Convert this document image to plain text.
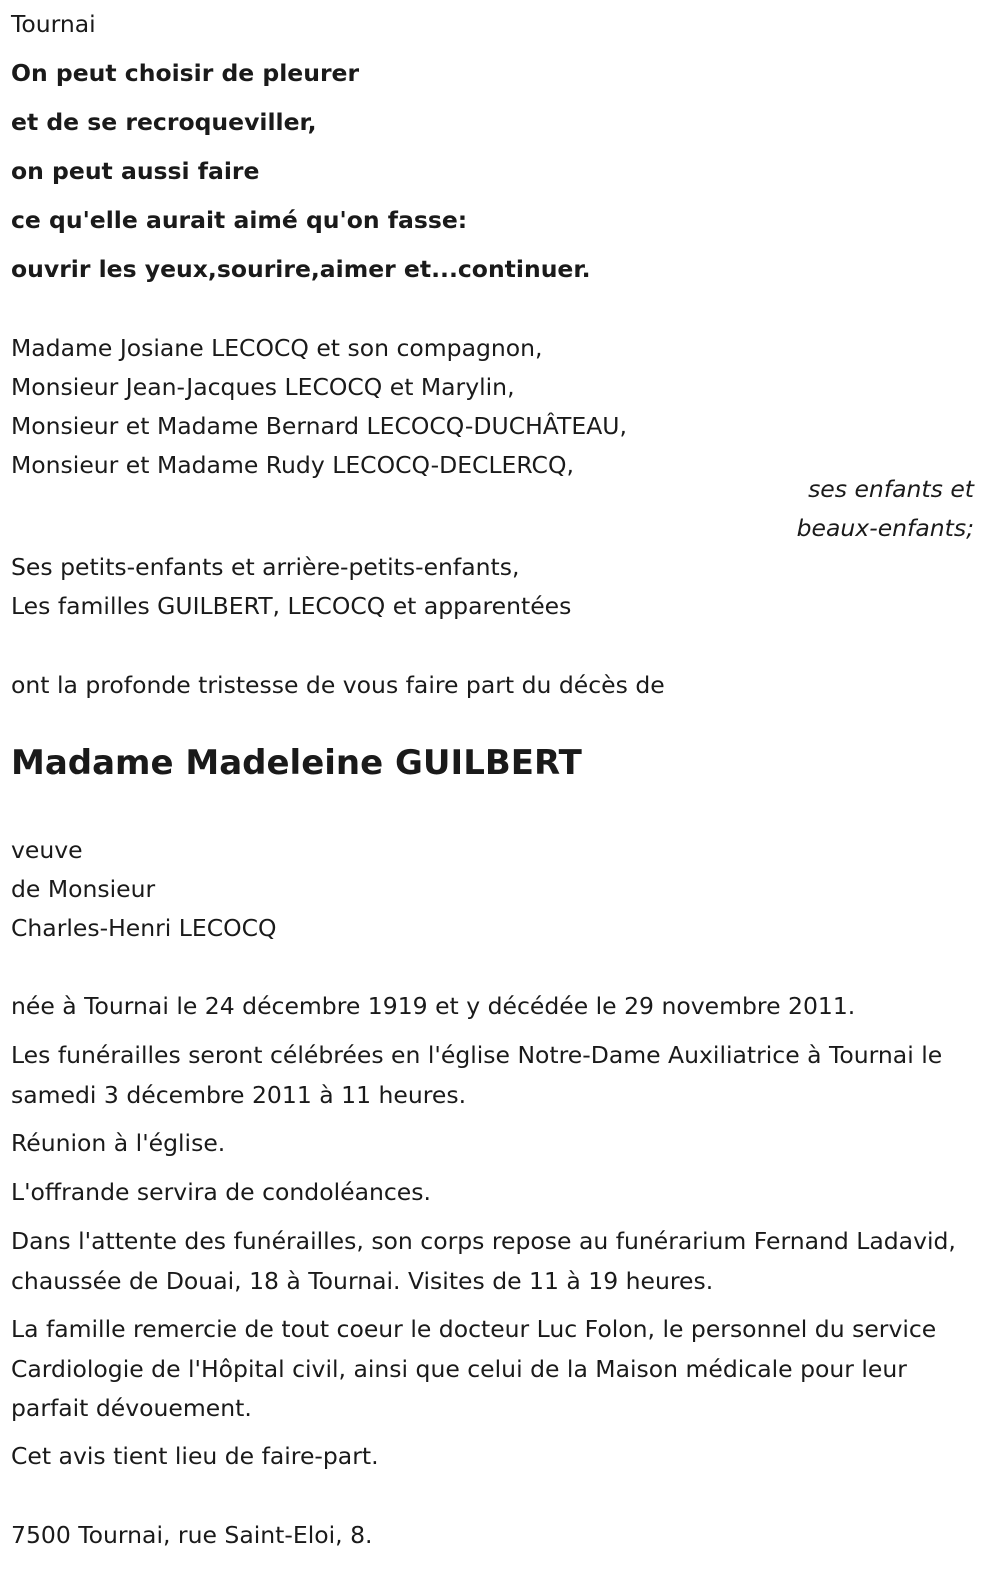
Tournai
On peut choisir de pleurer
et de se recroqueviller,
on peut aussi faire
ce qu'elle aurait aimé qu'on fasse:
ouvrir les yeux,sourire,aimer et...continuer.
Madame Josiane LECOCQ et son compagnon,
Monsieur Jean-Jacques LECOCQ et Marylin,
Monsieur et Madame Bernard LECOCQ-DUCHÂTEAU,
Monsieur et Madame Rudy LECOCQ-DECLERCQ,
ses enfants et
beaux-enfants;
Ses petits-enfants et arrière-petits-enfants,
Les familles GUILBERT, LECOCQ et apparentées
ont la profonde tristesse de vous faire part du décès de
Madame Madeleine GUILBERT
veuve
de Monsieur
Charles-Henri LECOCQ
née à Tournai le 24 décembre 1919 et y décédée le 29 novembre 2011.
Les funérailles seront célébrées en l'église Notre-Dame Auxiliatrice à Tournai le samedi 3 décembre 2011 à 11 heures.
Réunion à l'église.
L'offrande servira de condoléances.
Dans l'attente des funérailles, son corps repose au funérarium Fernand Ladavid, chaussée de Douai, 18 à Tournai. Visites de 11 à 19 heures.
La famille remercie de tout coeur le docteur Luc Folon, le personnel du service Cardiologie de l'Hôpital civil, ainsi que celui de la Maison médicale pour leur parfait dévouement.
Cet avis tient lieu de faire-part.
7500 Tournai, rue Saint-Eloi, 8.
